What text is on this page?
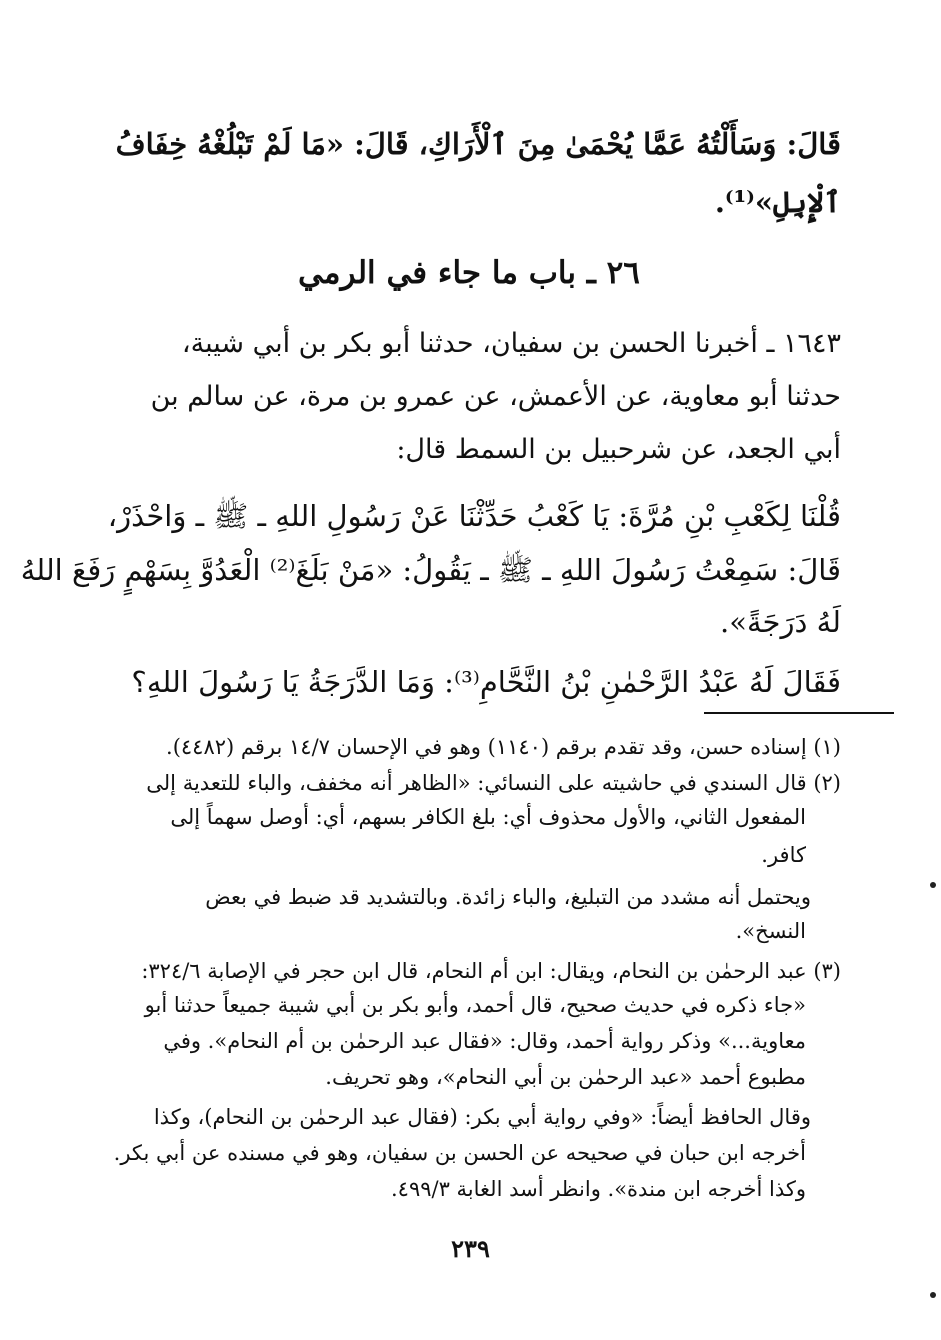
قَالَ: وَسَأَلْتُهُ عَمَّا يُحْمَىٰ مِنَ ٱلْأَرَاكِ، قَالَ: «مَا لَمْ تَبْلُغْهُ خِفَافُ
ٱلْإِبِلِ»⁽¹⁾.
٢٦ ـ باب ما جاء في الرمي
١٦٤٣ ـ أخبرنا الحسن بن سفيان، حدثنا أبو بكر بن أبي شيبة،
حدثنا أبو معاوية، عن الأعمش، عن عمرو بن مرة، عن سالم بن
أبي الجعد، عن شرحبيل بن السمط قال:
قُلْنَا لِكَعْبِ بْنِ مُرَّةَ: يَا كَعْبُ حَدِّثْنَا عَنْ رَسُولِ اللهِ ـ ﷺ ـ وَاحْذَرْ،
قَالَ: سَمِعْتُ رَسُولَ اللهِ ـ ﷺ ـ يَقُولُ: «مَنْ بَلَغَ⁽²⁾ الْعَدُوَّ بِسَهْمٍ رَفَعَ اللهُ
لَهُ دَرَجَةً».
فَقَالَ لَهُ عَبْدُ الرَّحْمٰنِ بْنُ النَّحَّامِ⁽³⁾: وَمَا الدَّرَجَةُ يَا رَسُولَ اللهِ؟
(١) إسناده حسن، وقد تقدم برقم (١١٤٠) وهو في الإحسان ١٤/٧ برقم (٤٤٨٢).
(٢) قال السندي في حاشيته على النسائي: «الظاهر أنه مخفف، والباء للتعدية إلى
المفعول الثاني، والأول محذوف أي: بلغ الكافر بسهم، أي: أوصل سهماً إلى
كافر.
ويحتمل أنه مشدد من التبليغ، والباء زائدة. وبالتشديد قد ضبط في بعض
النسخ».
(٣) عبد الرحمٰن بن النحام، ويقال: ابن أم النحام، قال ابن حجر في الإصابة ٣٢٤/٦:
«جاء ذكره في حديث صحيح، قال أحمد، وأبو بكر بن أبي شيبة جميعاً حدثنا أبو
معاوية...» وذكر رواية أحمد، وقال: «فقال عبد الرحمٰن بن أم النحام». وفي
مطبوع أحمد «عبد الرحمٰن بن أبي النحام»، وهو تحريف.
وقال الحافظ أيضاً: «وفي رواية أبي بكر: (فقال عبد الرحمٰن بن النحام)، وكذا
أخرجه ابن حبان في صحيحه عن الحسن بن سفيان، وهو في مسنده عن أبي بكر.
وكذا أخرجه ابن مندة». وانظر أسد الغابة ٤٩٩/٣.
٢٣٩
